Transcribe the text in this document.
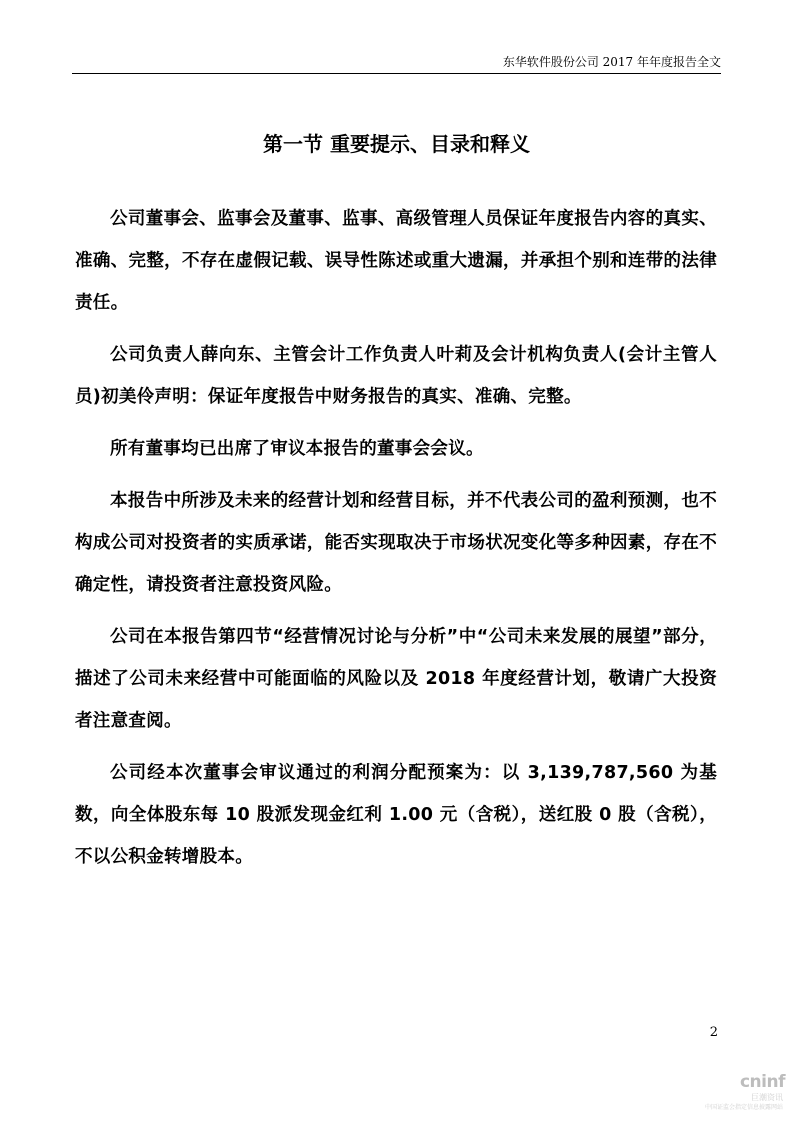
东华软件股份公司 2017 年年度报告全文
第一节 重要提示、目录和释义

公司董事会、监事会及董事、监事、高级管理人员保证年度报告内容的真实、准确、完整，不存在虚假记载、误导性陈述或重大遗漏，并承担个别和连带的法律责任。

公司负责人薛向东、主管会计工作负责人叶莉及会计机构负责人(会计主管人员)初美伶声明：保证年度报告中财务报告的真实、准确、完整。

所有董事均已出席了审议本报告的董事会会议。

本报告中所涉及未来的经营计划和经营目标，并不代表公司的盈利预测，也不构成公司对投资者的实质承诺，能否实现取决于市场状况变化等多种因素，存在不确定性，请投资者注意投资风险。

公司在本报告第四节“经营情况讨论与分析”中“公司未来发展的展望”部分，描述了公司未来经营中可能面临的风险以及 2018 年度经营计划，敬请广大投资者注意查阅。

公司经本次董事会审议通过的利润分配预案为：以 3,139,787,560 为基数，向全体股东每 10 股派发现金红利 1.00 元（含税），送红股 0 股（含税），不以公积金转增股本。

2
cninf
巨潮资讯
中国证监会指定信息披露网站
